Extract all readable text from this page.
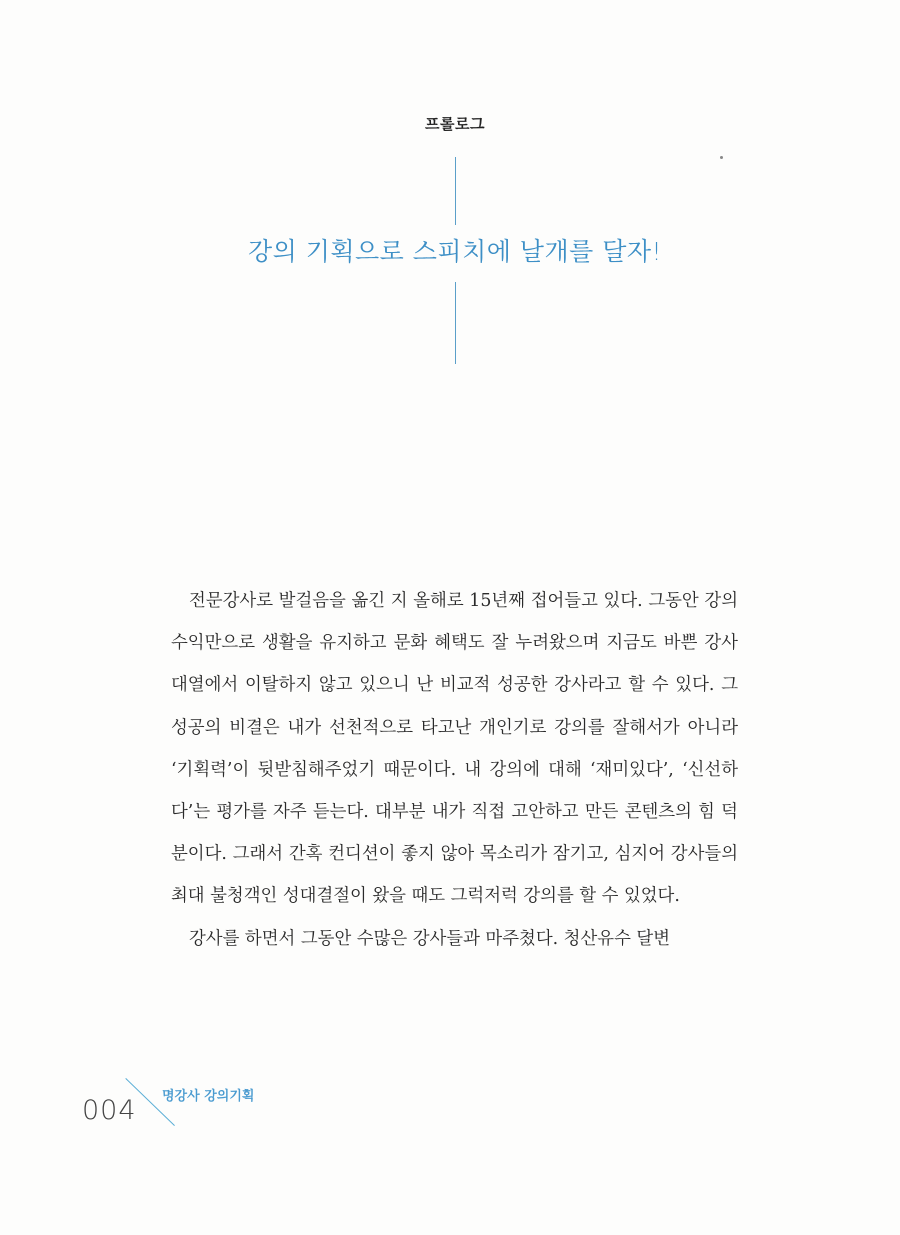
프롤로그
강의 기획으로 스피치에 날개를 달자!

전문강사로 발걸음을 옮긴 지 올해로 15년째 접어들고 있다. 그동안 강의 수익만으로 생활을 유지하고 문화 혜택도 잘 누려왔으며 지금도 바쁜 강사 대열에서 이탈하지 않고 있으니 난 비교적 성공한 강사라고 할 수 있다. 그 성공의 비결은 내가 선천적으로 타고난 개인기로 강의를 잘해서가 아니라 ‘기획력’이 뒷받침해주었기 때문이다. 내 강의에 대해 ‘재미있다’, ‘신선하다’는 평가를 자주 듣는다. 대부분 내가 직접 고안하고 만든 콘텐츠의 힘 덕분이다. 그래서 간혹 컨디션이 좋지 않아 목소리가 잠기고, 심지어 강사들의 최대 불청객인 성대결절이 왔을 때도 그럭저럭 강의를 할 수 있었다.

강사를 하면서 그동안 수많은 강사들과 마주쳤다. 청산유수 달변

004 명강사 강의기획
